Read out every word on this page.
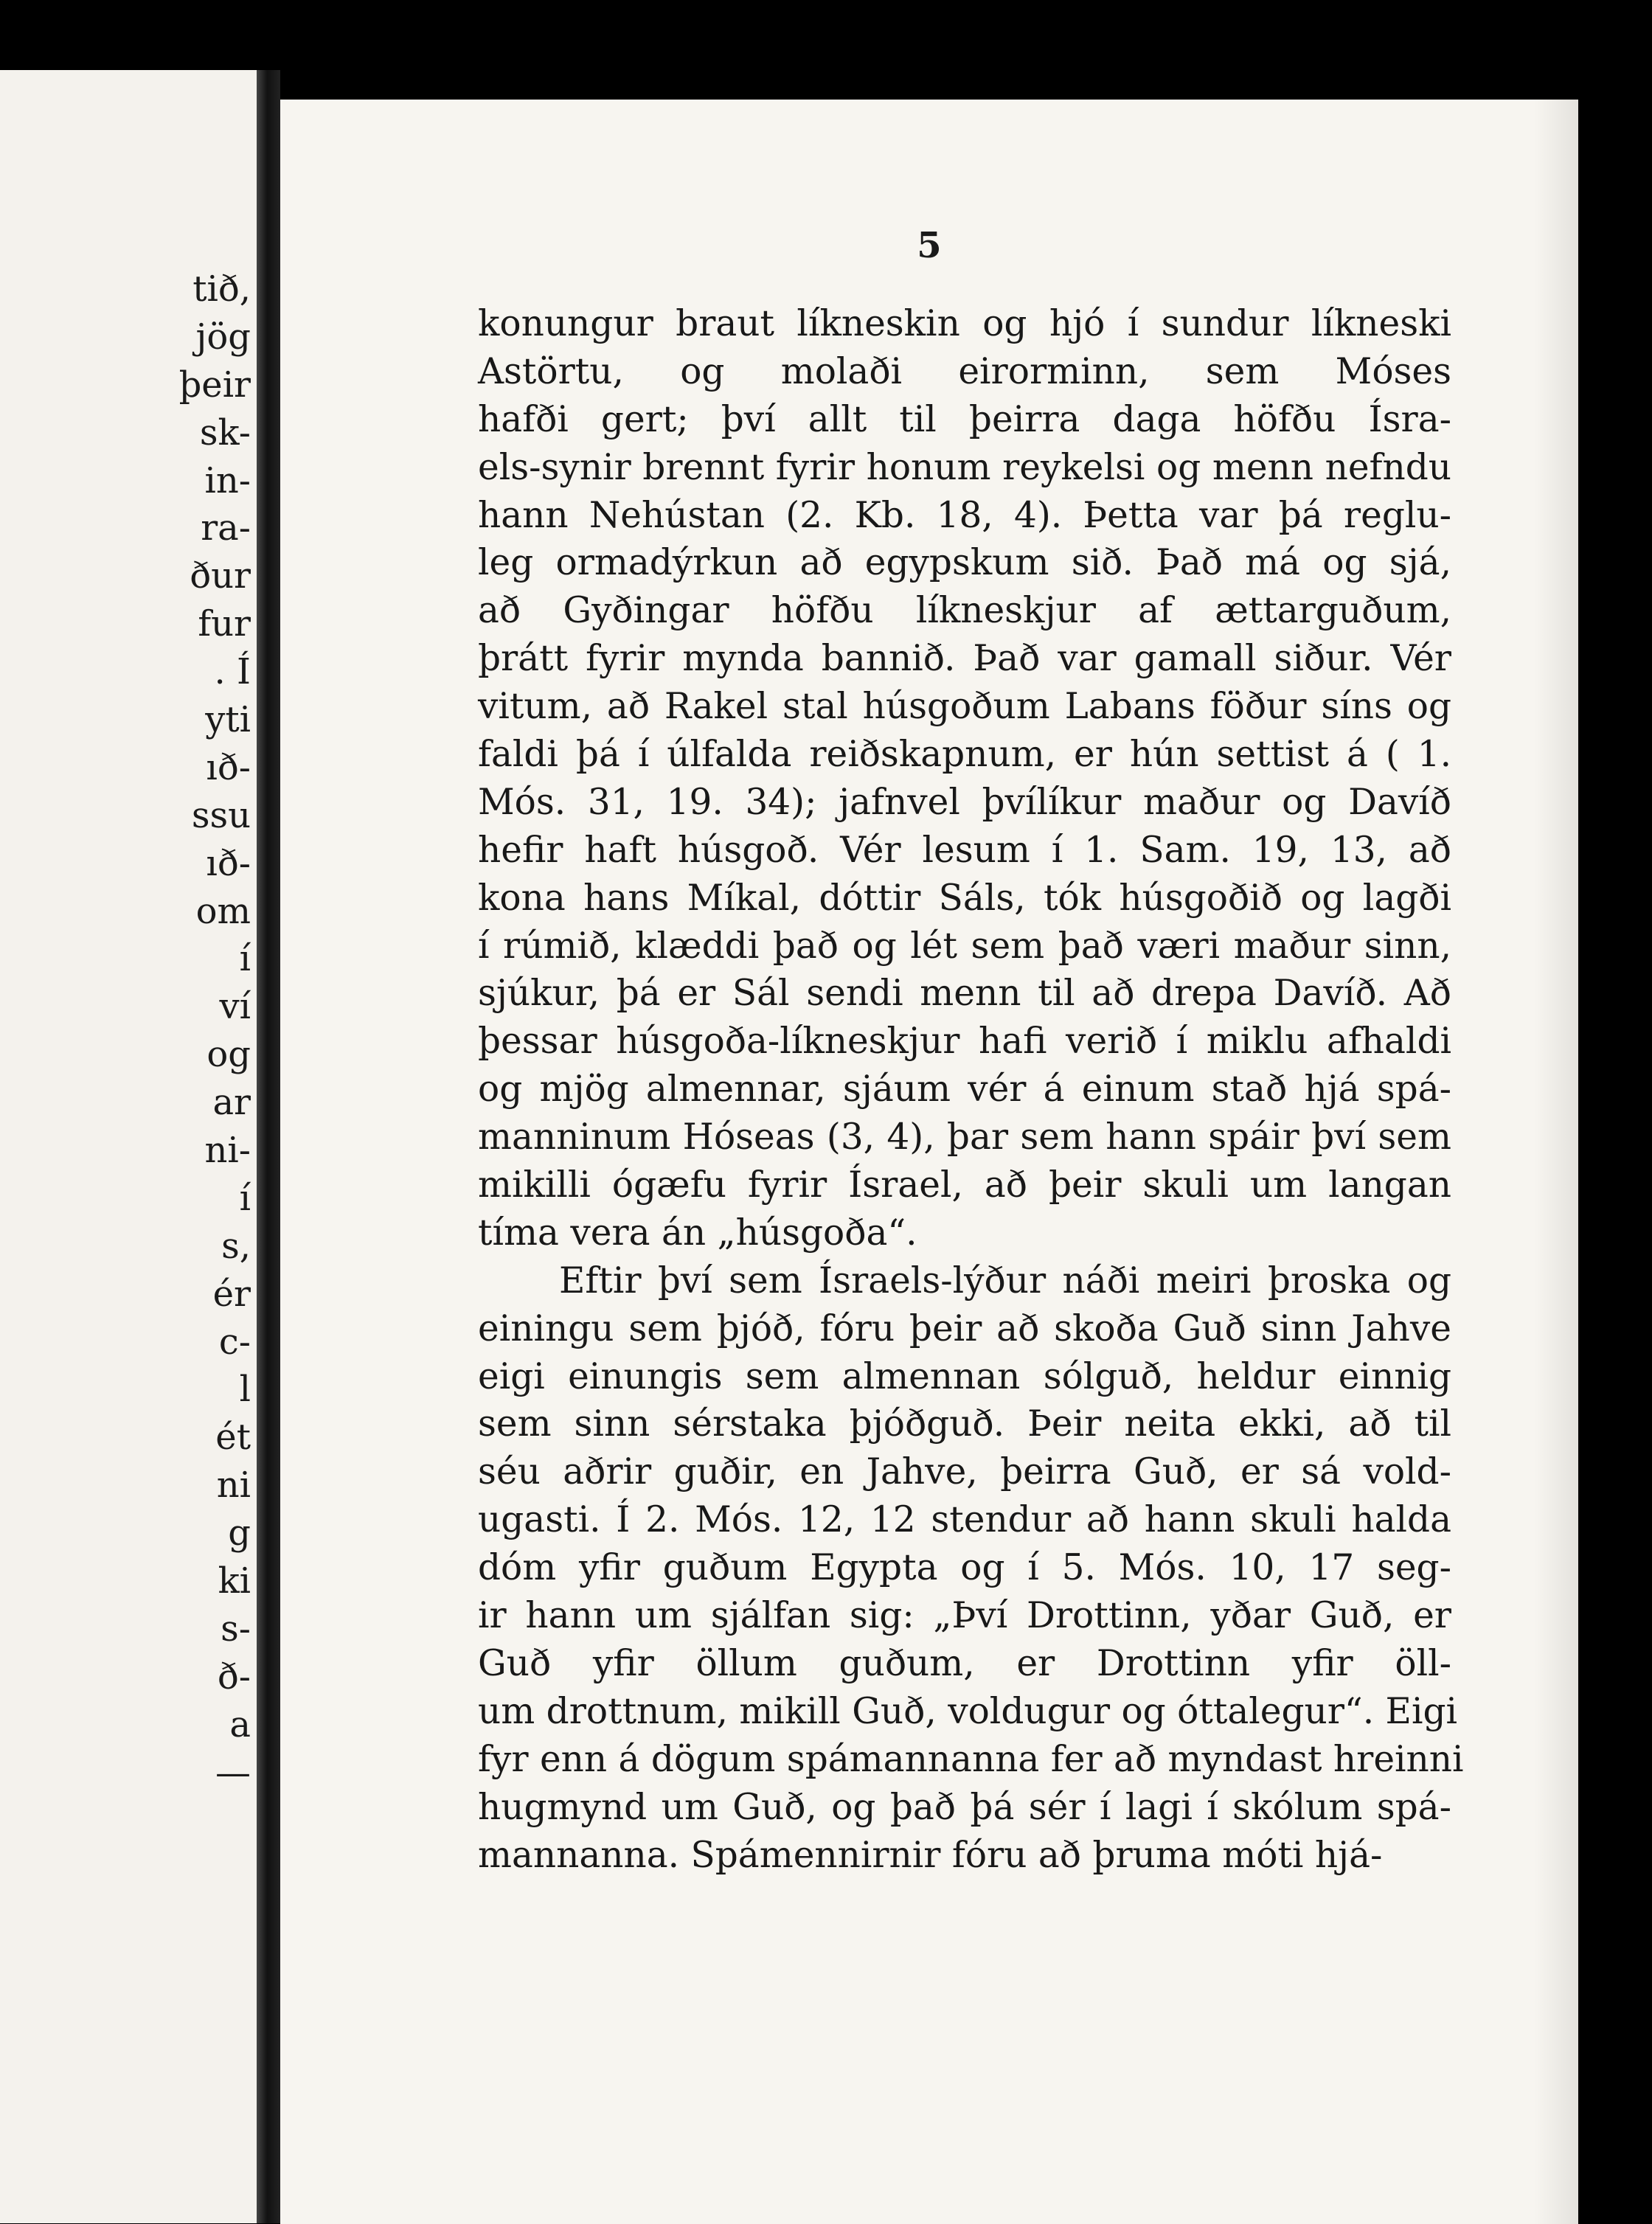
tið,
jög
þeir
sk-
in-
ra-
ður
fur
. Í
yti
ıð-
ssu
ıð-
om
í
ví
og
ar
ni-
í
s,
ér
c-
l
ét
ni
g
ki
s-
ð-
a
—
5
konungur braut líkneskin og hjó í sundur líkneski
Astörtu, og molaði eirorminn, sem Móses
hafði gert; því allt til þeirra daga höfðu Ísra-
els-synir brennt fyrir honum reykelsi og menn nefndu
hann Nehústan (2. Kb. 18, 4). Þetta var þá reglu-
leg ormadýrkun að egypskum sið. Það má og sjá,
að Gyðingar höfðu líkneskjur af ættarguðum,
þrátt fyrir mynda bannið. Það var gamall siður. Vér
vitum, að Rakel stal húsgoðum Labans föður síns og
faldi þá í úlfalda reiðskapnum, er hún settist á ( 1.
Mós. 31, 19. 34); jafnvel þvílíkur maður og Davíð
hefir haft húsgoð. Vér lesum í 1. Sam. 19, 13, að
kona hans Míkal, dóttir Sáls, tók húsgoðið og lagði
í rúmið, klæddi það og lét sem það væri maður sinn,
sjúkur, þá er Sál sendi menn til að drepa Davíð. Að
þessar húsgoða-líkneskjur hafi verið í miklu afhaldi
og mjög almennar, sjáum vér á einum stað hjá spá-
manninum Hóseas (3, 4), þar sem hann spáir því sem
mikilli ógæfu fyrir Ísrael, að þeir skuli um langan
tíma vera án „húsgoða“.
Eftir því sem Ísraels-lýður náði meiri þroska og
einingu sem þjóð, fóru þeir að skoða Guð sinn Jahve
eigi einungis sem almennan sólguð, heldur einnig
sem sinn sérstaka þjóðguð. Þeir neita ekki, að til
séu aðrir guðir, en Jahve, þeirra Guð, er sá vold-
ugasti. Í 2. Mós. 12, 12 stendur að hann skuli halda
dóm yfir guðum Egypta og í 5. Mós. 10, 17 seg-
ir hann um sjálfan sig: „Því Drottinn, yðar Guð, er
Guð yfir öllum guðum, er Drottinn yfir öll-
um drottnum, mikill Guð, voldugur og óttalegur“. Eigi
fyr enn á dögum spámannanna fer að myndast hreinni
hugmynd um Guð, og það þá sér í lagi í skólum spá-
mannanna. Spámennirnir fóru að þruma móti hjá-
